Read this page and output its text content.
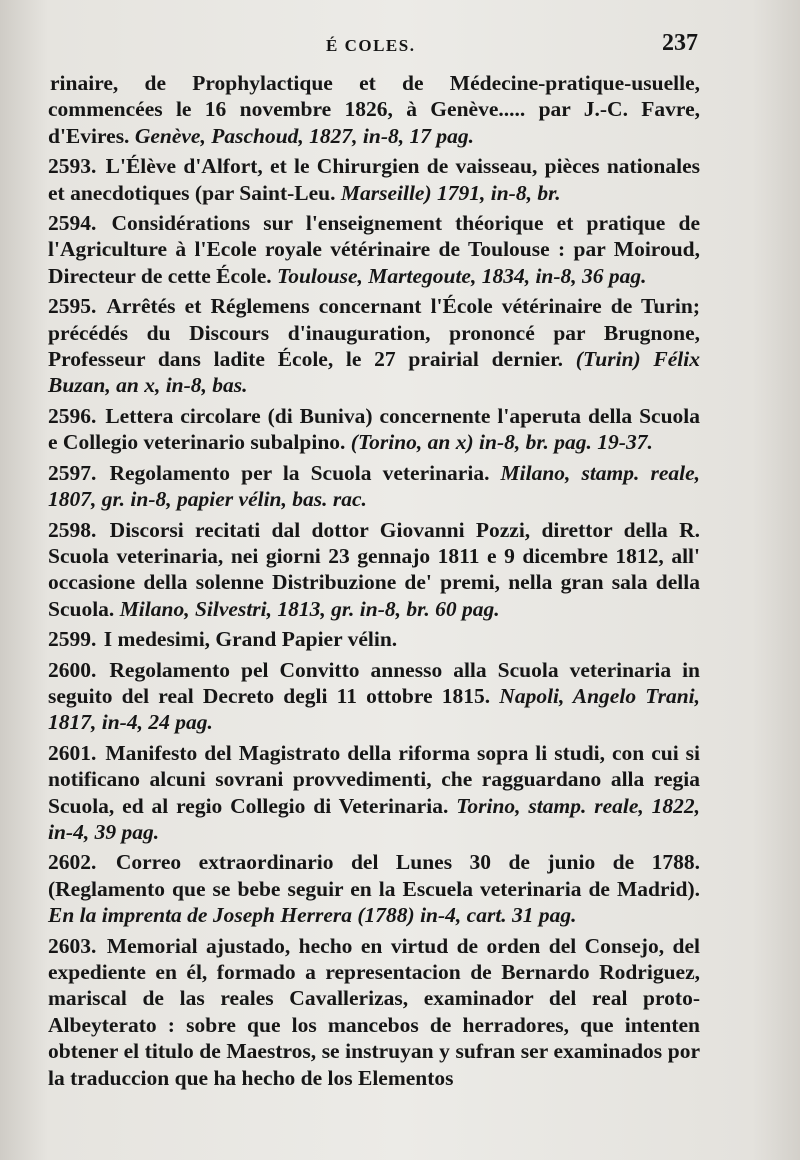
É COLES.	237

rinaire, de Prophylactique et de Médecine-pratique-usuelle, commencées le 16 novembre 1826, à Genève..... par J.-C. Favre, d'Evires. Genève, Paschoud, 1827, in-8, 17 pag.

2593. L'Élève d'Alfort, et le Chirurgien de vaisseau, pièces nationales et anecdotiques (par Saint-Leu. Marseille) 1791, in-8, br.

2594. Considérations sur l'enseignement théorique et pratique de l'Agriculture à l'Ecole royale vétérinaire de Toulouse : par Moiroud, Directeur de cette École. Toulouse, Martegoute, 1834, in-8, 36 pag.

2595. Arrêtés et Réglemens concernant l'École vétérinaire de Turin; précédés du Discours d'inauguration, prononcé par Brugnone, Professeur dans ladite École, le 27 prairial dernier. (Turin) Félix Buzan, an x, in-8, bas.

2596. Lettera circolare (di Buniva) concernente l'aperuta della Scuola e Collegio veterinario subalpino. (Torino, an x) in-8, br. pag. 19-37.

2597. Regolamento per la Scuola veterinaria. Milano, stamp. reale, 1807, gr. in-8, papier vélin, bas. rac.

2598. Discorsi recitati dal dottor Giovanni Pozzi, direttor della R. Scuola veterinaria, nei giorni 23 gennajo 1811 e 9 dicembre 1812, all' occasione della solenne Distribuzione de' premi, nella gran sala della Scuola. Milano, Silvestri, 1813, gr. in-8, br. 60 pag.

2599. I medesimi, Grand Papier vélin.

2600. Regolamento pel Convitto annesso alla Scuola veterinaria in seguito del real Decreto degli 11 ottobre 1815. Napoli, Angelo Trani, 1817, in-4, 24 pag.

2601. Manifesto del Magistrato della riforma sopra li studi, con cui si notificano alcuni sovrani provvedimenti, che ragguardano alla regia Scuola, ed al regio Collegio di Veterinaria. Torino, stamp. reale, 1822, in-4, 39 pag.

2602. Correo extraordinario del Lunes 30 de junio de 1788. (Reglamento que se bebe seguir en la Escuela veterinaria de Madrid). En la imprenta de Joseph Herrera (1788) in-4, cart. 31 pag.

2603. Memorial ajustado, hecho en virtud de orden del Consejo, del expediente en él, formado a representacion de Bernardo Rodriguez, mariscal de las reales Cavallerizas, examinador del real proto-Albeyterato : sobre que los mancebos de herradores, que intenten obtener el titulo de Maestros, se instruyan y sufran ser examinados por la traduccion que ha hecho de los Elementos
